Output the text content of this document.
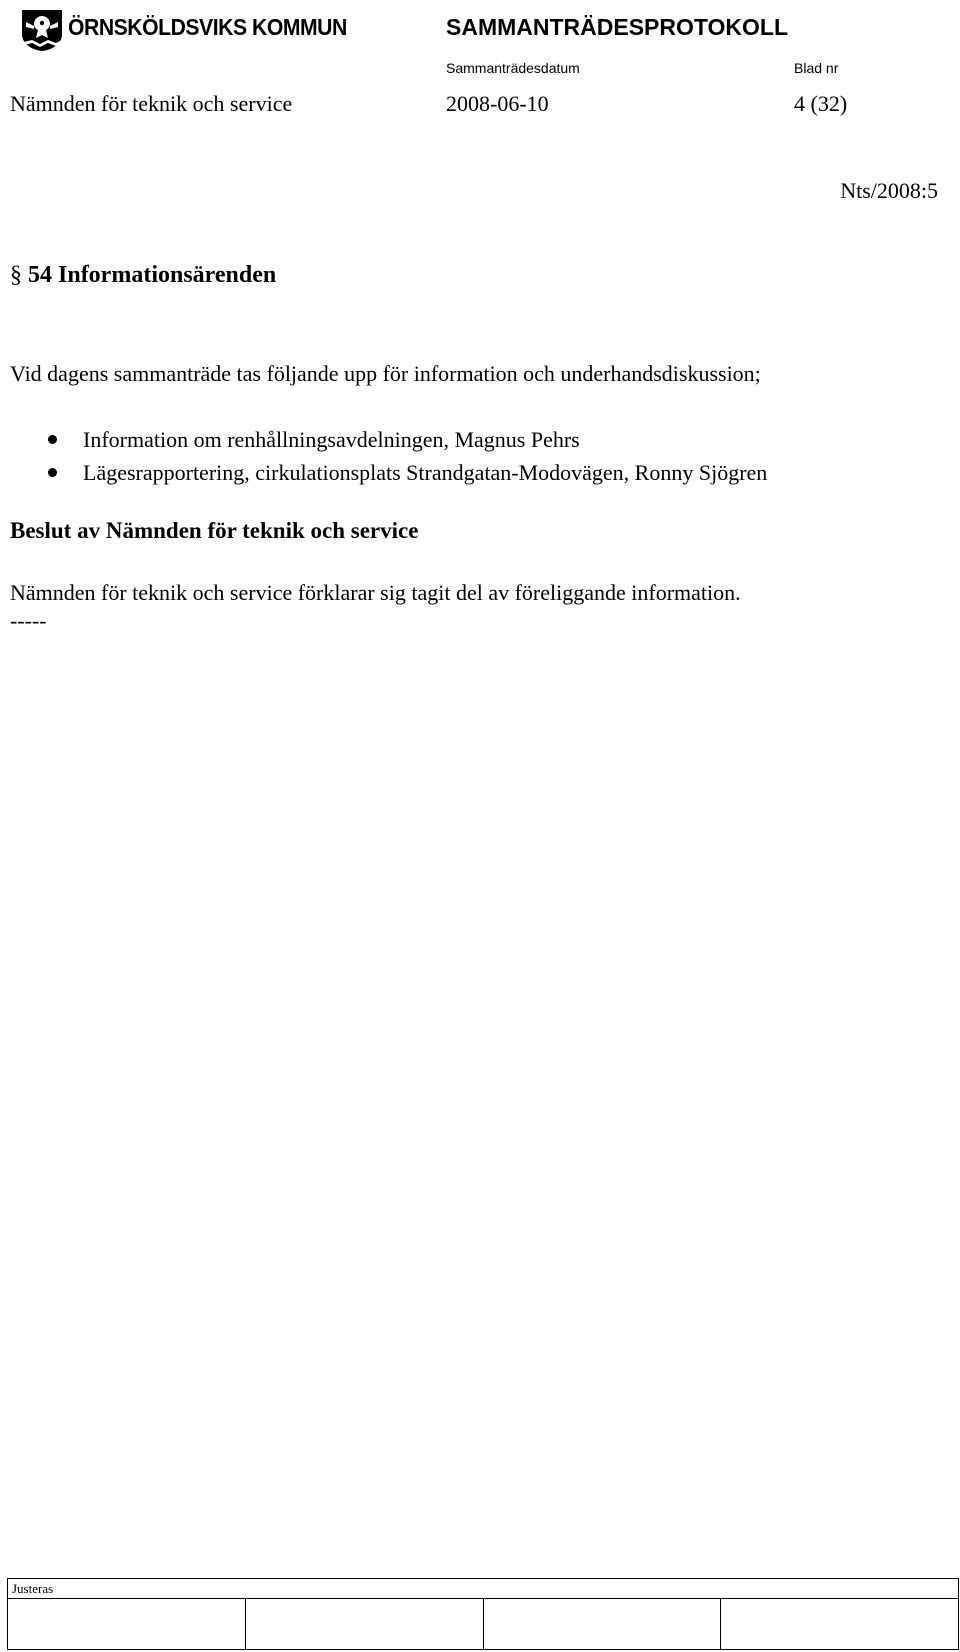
ÖRNSKÖLDSVIKS KOMMUN	SAMMANTRÄDESPROTOKOLL
Sammanträdesdatum	Blad nr
Nämnden för teknik och service	2008-06-10	4 (32)
Nts/2008:5
§ 54 Informationsärenden
Vid dagens sammanträde tas följande upp för information och underhandsdiskussion;
Information om renhållningsavdelningen, Magnus Pehrs
Lägesrapportering, cirkulationsplats Strandgatan-Modovägen, Ronny Sjögren
Beslut av Nämnden för teknik och service
Nämnden för teknik och service förklarar sig tagit del av föreliggande information.
-----
Justeras
